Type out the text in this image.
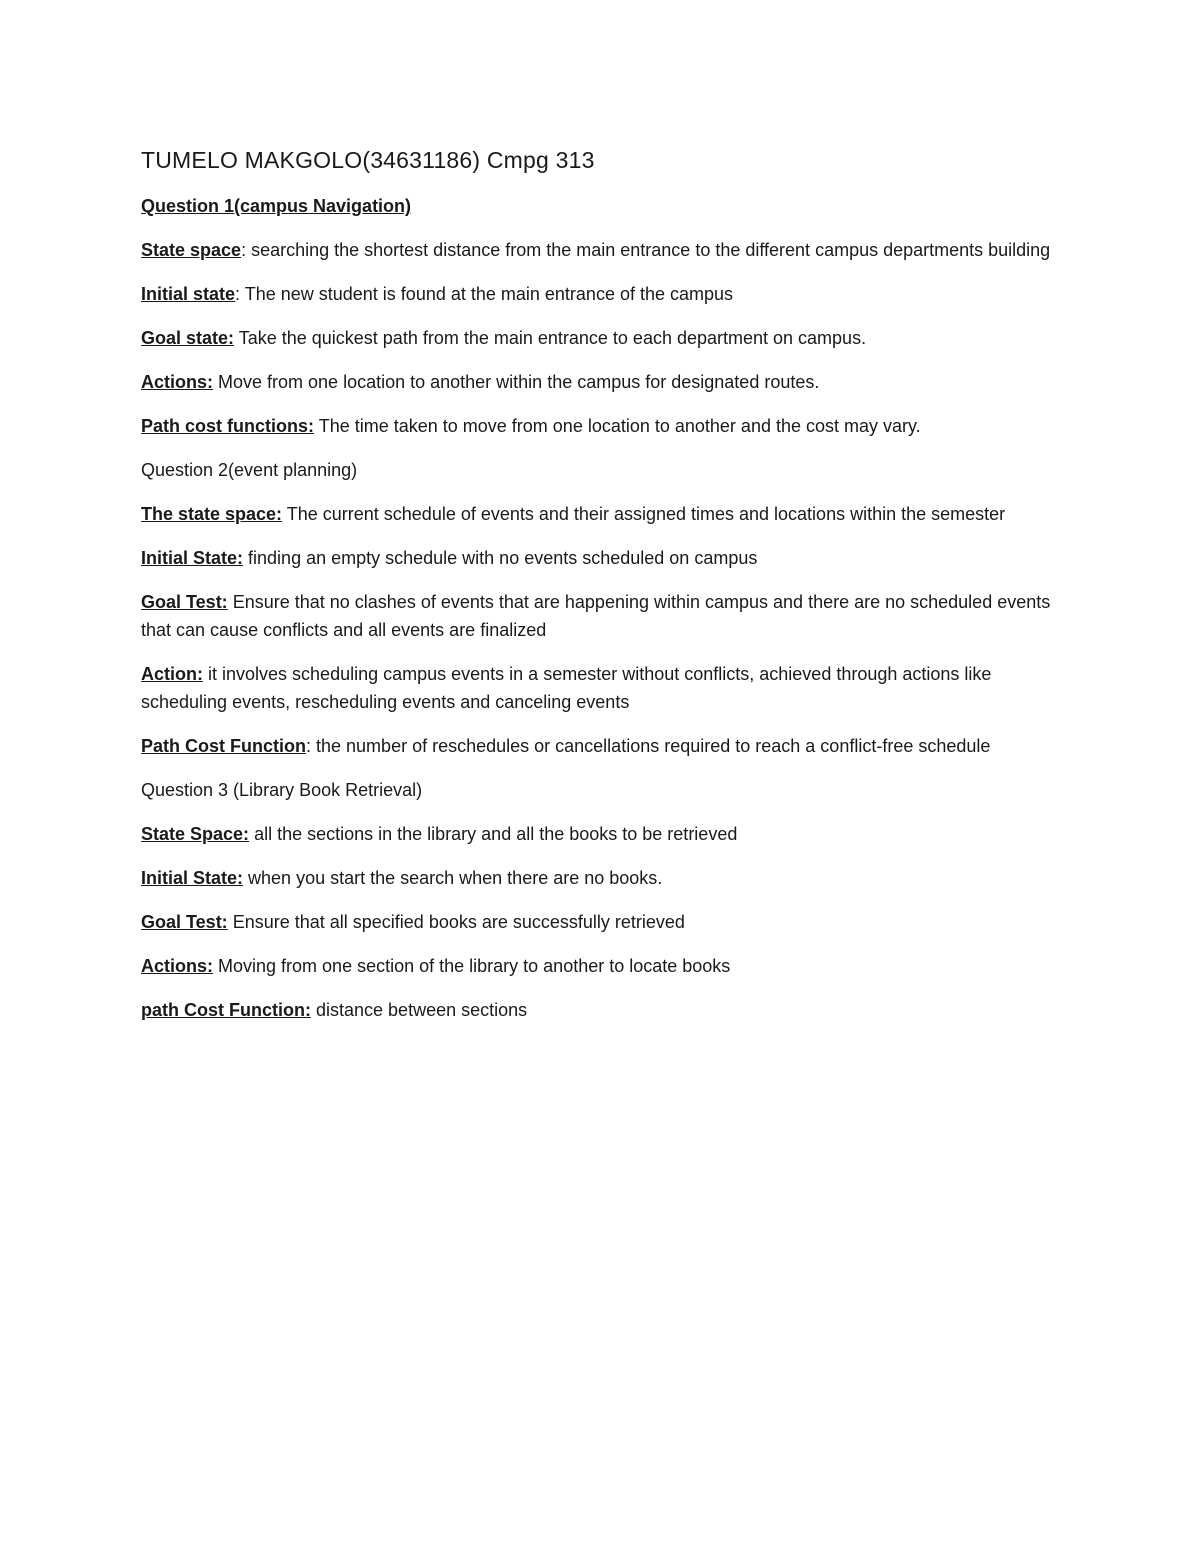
TUMELO MAKGOLO(34631186) Cmpg 313
Question 1(campus Navigation)
State space: searching the shortest distance from the main entrance to the different campus departments building
Initial state: The new student is found at the main entrance of the campus
Goal state: Take the quickest path from the main entrance to each department on campus.
Actions: Move from one location to another within the campus for designated routes.
Path cost functions: The time taken to move from one location to another and the cost may vary.
Question 2(event planning)
The state space: The current schedule of events and their assigned times and locations within the semester
Initial State: finding an empty schedule with no events scheduled on campus
Goal Test: Ensure that no clashes of events that are happening within campus and there are no scheduled events that can cause conflicts and all events are finalized
Action: it involves scheduling campus events in a semester without conflicts, achieved through actions like scheduling events, rescheduling events and canceling events
Path Cost Function: the number of reschedules or cancellations required to reach a conflict-free schedule
Question 3 (Library Book Retrieval)
State Space: all the sections in the library and all the books to be retrieved
Initial State: when you start the search when there are no books.
Goal Test: Ensure that all specified books are successfully retrieved
Actions: Moving from one section of the library to another to locate books
path Cost Function: distance between sections
